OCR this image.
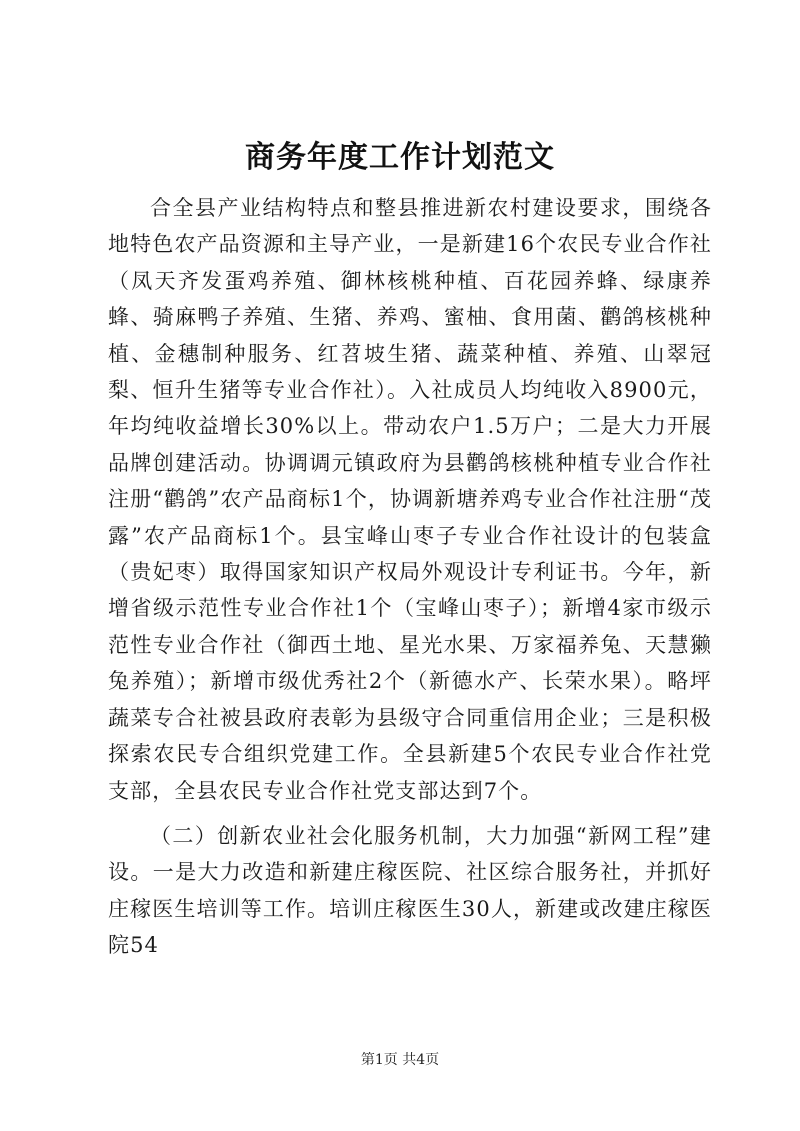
商务年度工作计划范文

合全县产业结构特点和整县推进新农村建设要求，围绕各地特色农产品资源和主导产业，一是新建16个农民专业合作社（凤天齐发蛋鸡养殖、御林核桃种植、百花园养蜂、绿康养蜂、骑麻鸭子养殖、生猪、养鸡、蜜柚、食用菌、鹳鸽核桃种植、金穗制种服务、红苕坡生猪、蔬菜种植、养殖、山翠冠梨、恒升生猪等专业合作社）。入社成员人均纯收入8900元，年均纯收益增长30%以上。带动农户1.5万户；二是大力开展品牌创建活动。协调调元镇政府为县鹳鸽核桃种植专业合作社注册“鹳鸽”农产品商标1个，协调新塘养鸡专业合作社注册“茂露”农产品商标1个。县宝峰山枣子专业合作社设计的包装盒（贵妃枣）取得国家知识产权局外观设计专利证书。今年，新增省级示范性专业合作社1个（宝峰山枣子）；新增4家市级示范性专业合作社（御西土地、星光水果、万家福养兔、天慧獭兔养殖）；新增市级优秀社2个（新德水产、长荣水果）。略坪蔬菜专合社被县政府表彰为县级守合同重信用企业；三是积极探索农民专合组织党建工作。全县新建5个农民专业合作社党支部，全县农民专业合作社党支部达到7个。

（二）创新农业社会化服务机制，大力加强“新网工程”建设。一是大力改造和新建庄稼医院、社区综合服务社，并抓好庄稼医生培训等工作。培训庄稼医生30人，新建或改建庄稼医院54

第1页 共4页
